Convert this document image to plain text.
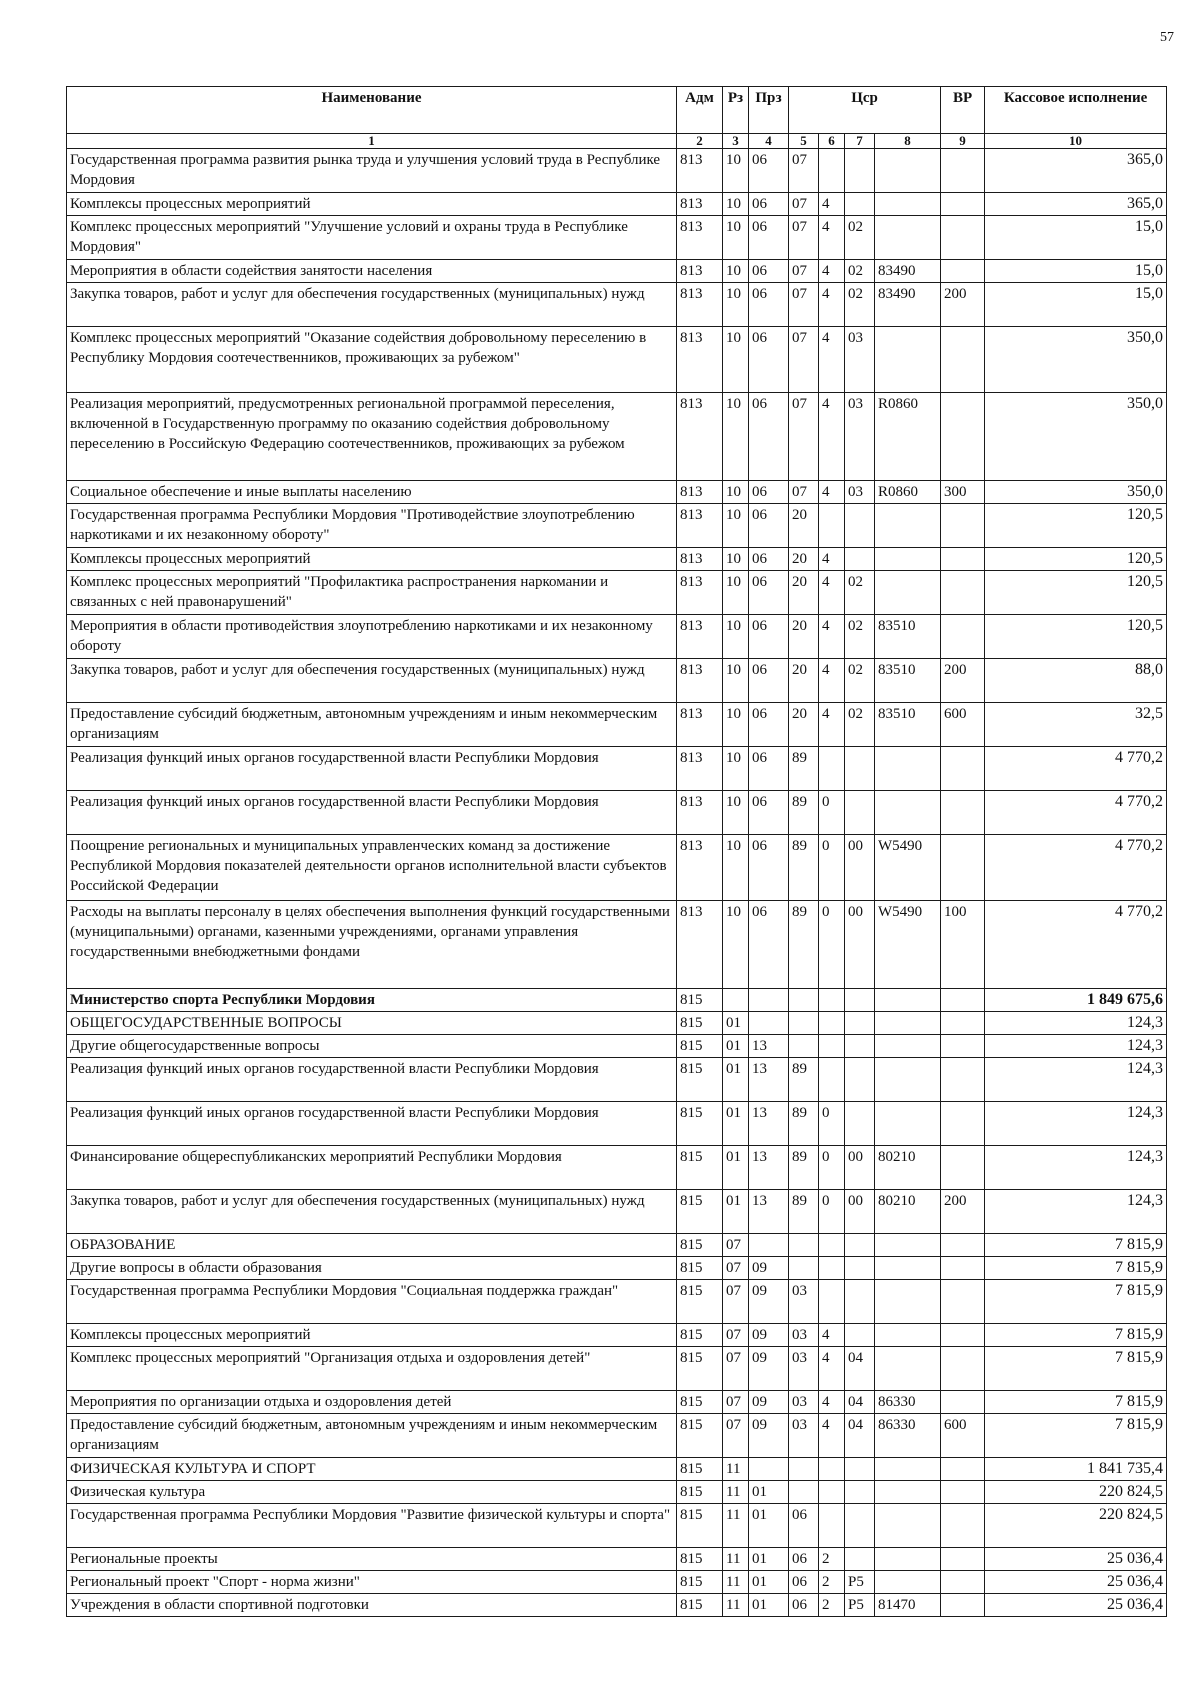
57
Наименование	Адм	Рз	Прз	Цср				ВР	Кассовое исполнение
1	2	3	4	5	6	7	8	9	10
Государственная программа развития рынка труда и улучшения условий труда в Республике Мордовия	813	10	06	07					365,0
Комплексы процессных мероприятий	813	10	06	07	4				365,0
Комплекс процессных мероприятий "Улучшение условий и охраны труда в Республике Мордовия"	813	10	06	07	4	02			15,0
Мероприятия в области содействия занятости населения	813	10	06	07	4	02	83490		15,0
Закупка товаров, работ и услуг для обеспечения государственных (муниципальных) нужд	813	10	06	07	4	02	83490	200	15,0
Комплекс процессных мероприятий "Оказание содействия добровольному переселению в Республику Мордовия соотечественников, проживающих за рубежом"	813	10	06	07	4	03			350,0
Реализация мероприятий, предусмотренных региональной программой переселения, включенной в Государственную программу по оказанию содействия добровольному переселению в Российскую Федерацию соотечественников, проживающих за рубежом	813	10	06	07	4	03	R0860		350,0
Социальное обеспечение и иные выплаты населению	813	10	06	07	4	03	R0860	300	350,0
Государственная программа Республики Мордовия "Противодействие злоупотреблению наркотиками и их незаконному обороту"	813	10	06	20					120,5
Комплексы процессных мероприятий	813	10	06	20	4				120,5
Комплекс процессных мероприятий "Профилактика распространения наркомании и связанных с ней правонарушений"	813	10	06	20	4	02			120,5
Мероприятия в области противодействия злоупотреблению наркотиками и их незаконному обороту	813	10	06	20	4	02	83510		120,5
Закупка товаров, работ и услуг для обеспечения государственных (муниципальных) нужд	813	10	06	20	4	02	83510	200	88,0
Предоставление субсидий бюджетным, автономным учреждениям и иным некоммерческим организациям	813	10	06	20	4	02	83510	600	32,5
Реализация функций иных органов государственной власти Республики Мордовия	813	10	06	89					4 770,2
Реализация функций иных органов государственной власти Республики Мордовия	813	10	06	89	0				4 770,2
Поощрение региональных и муниципальных управленческих команд за достижение Республикой Мордовия показателей деятельности органов исполнительной власти субъектов Российской Федерации	813	10	06	89	0	00	W5490		4 770,2
Расходы на выплаты персоналу в целях обеспечения выполнения функций государственными (муниципальными) органами, казенными учреждениями, органами управления государственными внебюджетными фондами	813	10	06	89	0	00	W5490	100	4 770,2
Министерство спорта Республики Мордовия	815								1 849 675,6
ОБЩЕГОСУДАРСТВЕННЫЕ ВОПРОСЫ	815	01							124,3
Другие общегосударственные вопросы	815	01	13						124,3
Реализация функций иных органов государственной власти Республики Мордовия	815	01	13	89					124,3
Реализация функций иных органов государственной власти Республики Мордовия	815	01	13	89	0				124,3
Финансирование общереспубликанских мероприятий Республики Мордовия	815	01	13	89	0	00	80210		124,3
Закупка товаров, работ и услуг для обеспечения государственных (муниципальных) нужд	815	01	13	89	0	00	80210	200	124,3
ОБРАЗОВАНИЕ	815	07							7 815,9
Другие вопросы в области образования	815	07	09						7 815,9
Государственная программа Республики Мордовия "Социальная поддержка граждан"	815	07	09	03					7 815,9
Комплексы процессных мероприятий	815	07	09	03	4				7 815,9
Комплекс процессных мероприятий "Организация отдыха и оздоровления детей"	815	07	09	03	4	04			7 815,9
Мероприятия по организации отдыха и оздоровления детей	815	07	09	03	4	04	86330		7 815,9
Предоставление субсидий бюджетным, автономным учреждениям и иным некоммерческим организациям	815	07	09	03	4	04	86330	600	7 815,9
ФИЗИЧЕСКАЯ КУЛЬТУРА И СПОРТ	815	11							1 841 735,4
Физическая культура	815	11	01						220 824,5
Государственная программа Республики Мордовия "Развитие физической культуры и спорта"	815	11	01	06					220 824,5
Региональные проекты	815	11	01	06	2				25 036,4
Региональный проект "Спорт - норма жизни"	815	11	01	06	2	P5			25 036,4
Учреждения в области спортивной подготовки	815	11	01	06	2	P5	81470		25 036,4
